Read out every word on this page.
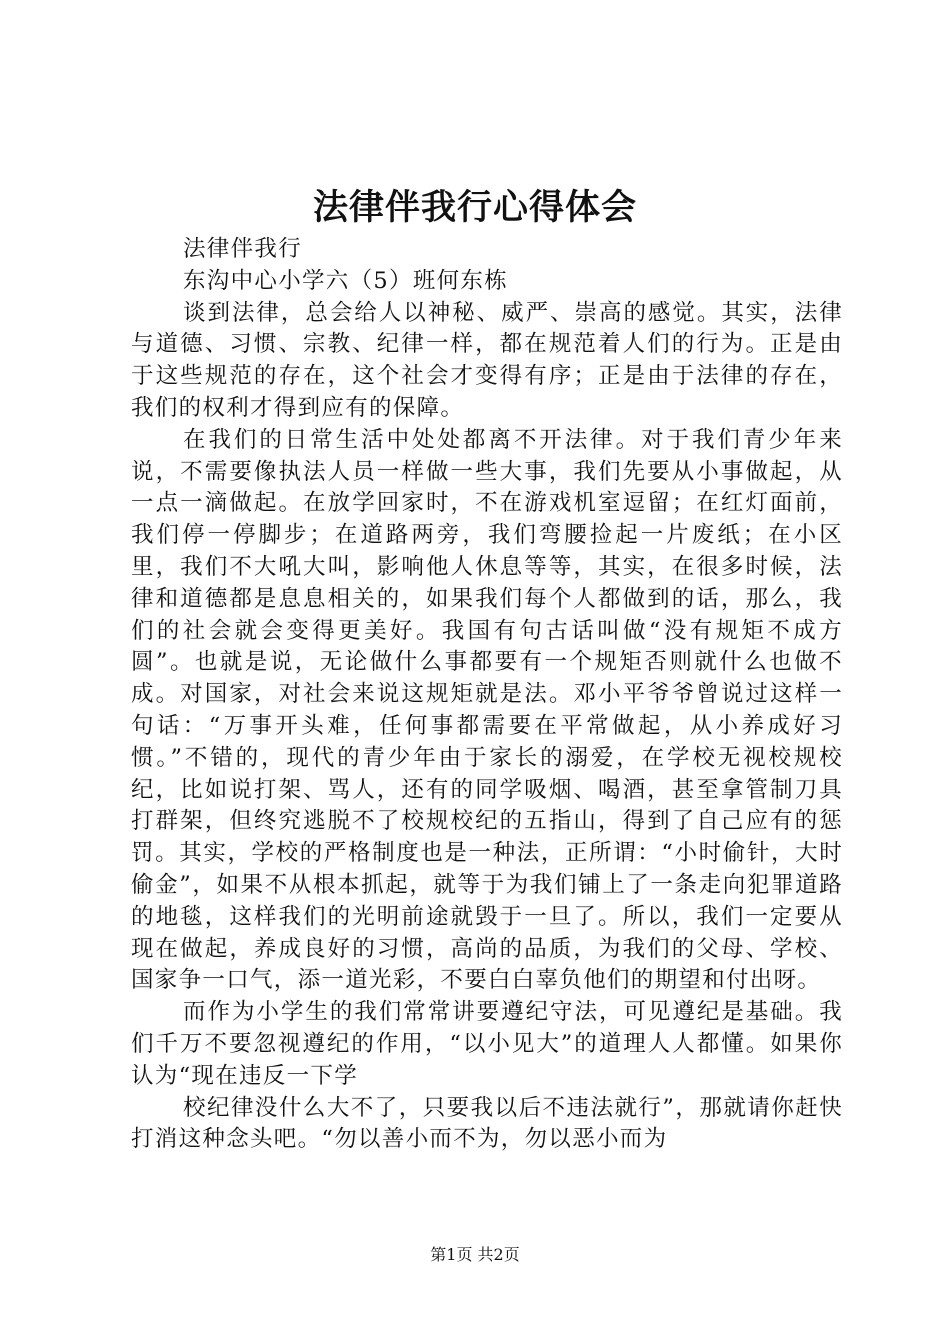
法律伴我行心得体会

法律伴我行

东沟中心小学六（5）班何东栋

谈到法律，总会给人以神秘、威严、崇高的感觉。其实，法律与道德、习惯、宗教、纪律一样，都在规范着人们的行为。正是由于这些规范的存在，这个社会才变得有序；正是由于法律的存在，我们的权利才得到应有的保障。

在我们的日常生活中处处都离不开法律。对于我们青少年来说，不需要像执法人员一样做一些大事，我们先要从小事做起，从一点一滴做起。在放学回家时，不在游戏机室逗留；在红灯面前，我们停一停脚步；在道路两旁，我们弯腰捡起一片废纸；在小区里，我们不大吼大叫，影响他人休息等等，其实，在很多时候，法律和道德都是息息相关的，如果我们每个人都做到的话，那么，我们的社会就会变得更美好。我国有句古话叫做“没有规矩不成方圆”。也就是说，无论做什么事都要有一个规矩否则就什么也做不成。对国家，对社会来说这规矩就是法。邓小平爷爷曾说过这样一句话：“万事开头难，任何事都需要在平常做起，从小养成好习惯。”不错的，现代的青少年由于家长的溺爱，在学校无视校规校纪，比如说打架、骂人，还有的同学吸烟、喝酒，甚至拿管制刀具打群架，但终究逃脱不了校规校纪的五指山，得到了自己应有的惩罚。其实，学校的严格制度也是一种法，正所谓：“小时偷针，大时偷金”，如果不从根本抓起，就等于为我们铺上了一条走向犯罪道路的地毯，这样我们的光明前途就毁于一旦了。所以，我们一定要从现在做起，养成良好的习惯，高尚的品质，为我们的父母、学校、国家争一口气，添一道光彩，不要白白辜负他们的期望和付出呀。

而作为小学生的我们常常讲要遵纪守法，可见遵纪是基础。我们千万不要忽视遵纪的作用，“以小见大”的道理人人都懂。如果你认为“现在违反一下学

校纪律没什么大不了，只要我以后不违法就行”，那就请你赶快打消这种念头吧。“勿以善小而不为，勿以恶小而为

第1页 共2页
